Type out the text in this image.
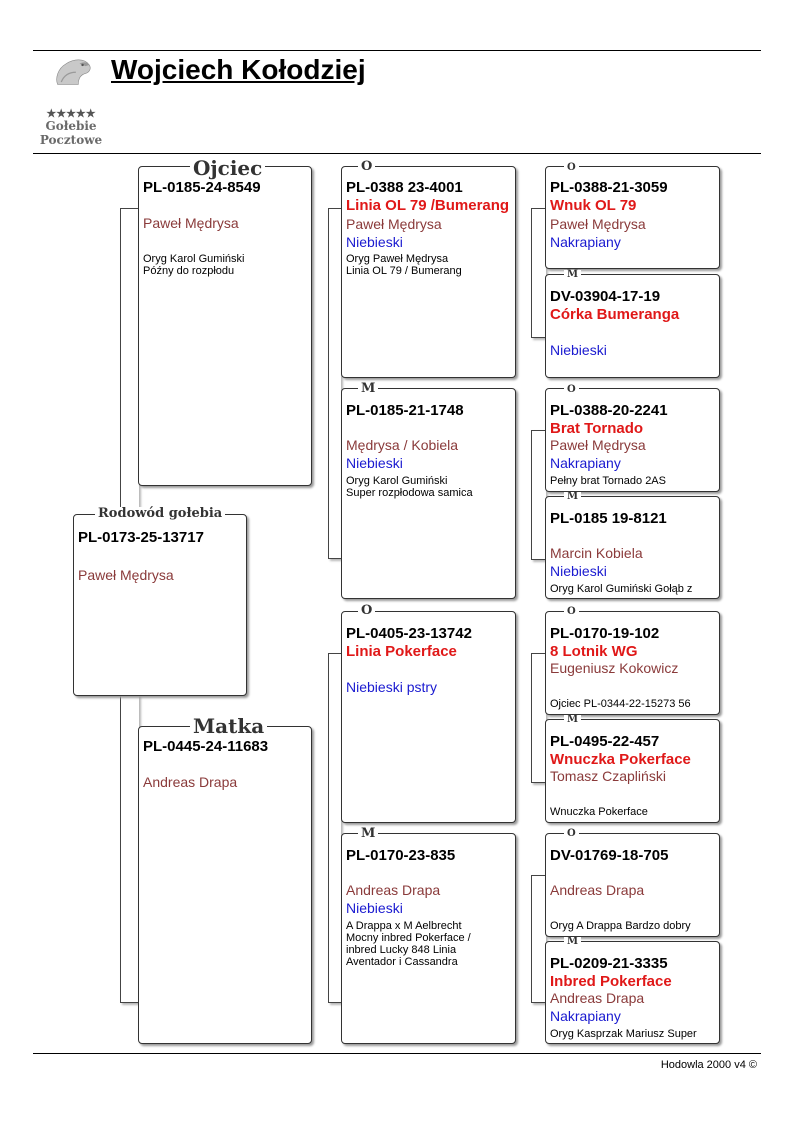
★★★★★
Gołebie
Pocztowe
Wojciech Kołodziej
PL-0173-25-13717
Paweł Mędrysa
Rodowód gołebia
PL-0185-24-8549
Paweł Mędrysa
Oryg Karol Gumiński
Późny do rozpłodu
Ojciec
PL-0445-24-11683
Andreas Drapa
Matka
PL-0388 23-4001
Linia OL 79 /Bumerang
Paweł Mędrysa
Niebieski
Oryg Paweł Mędrysa
Linia OL 79 / Bumerang
O
PL-0185-21-1748
Mędrysa / Kobiela
Niebieski
Oryg Karol Gumiński
Super rozpłodowa samica
M
PL-0405-23-13742
Linia Pokerface
Niebieski pstry
O
PL-0170-23-835
Andreas Drapa
Niebieski
A Drappa x M Aelbrecht
Mocny inbred Pokerface /
inbred Lucky 848 Linia
Aventador i Cassandra
M
PL-0388-21-3059
Wnuk OL 79
Paweł Mędrysa
Nakrapiany
O
DV-03904-17-19
Córka Bumeranga
Niebieski
M
PL-0388-20-2241
Brat Tornado
Paweł Mędrysa
Nakrapiany
Pełny brat Tornado 2AS
O
PL-0185 19-8121
Marcin Kobiela
Niebieski
Oryg Karol Gumiński Gołąb z
M
PL-0170-19-102
8 Lotnik WG
Eugeniusz Kokowicz
Ojciec PL-0344-22-15273 56
O
PL-0495-22-457
Wnuczka Pokerface
Tomasz Czapliński
Wnuczka Pokerface
M
DV-01769-18-705
Andreas Drapa
Oryg A Drappa Bardzo dobry
O
PL-0209-21-3335
Inbred Pokerface
Andreas Drapa
Nakrapiany
Oryg Kasprzak Mariusz Super
M
Hodowla 2000 v4 ©
